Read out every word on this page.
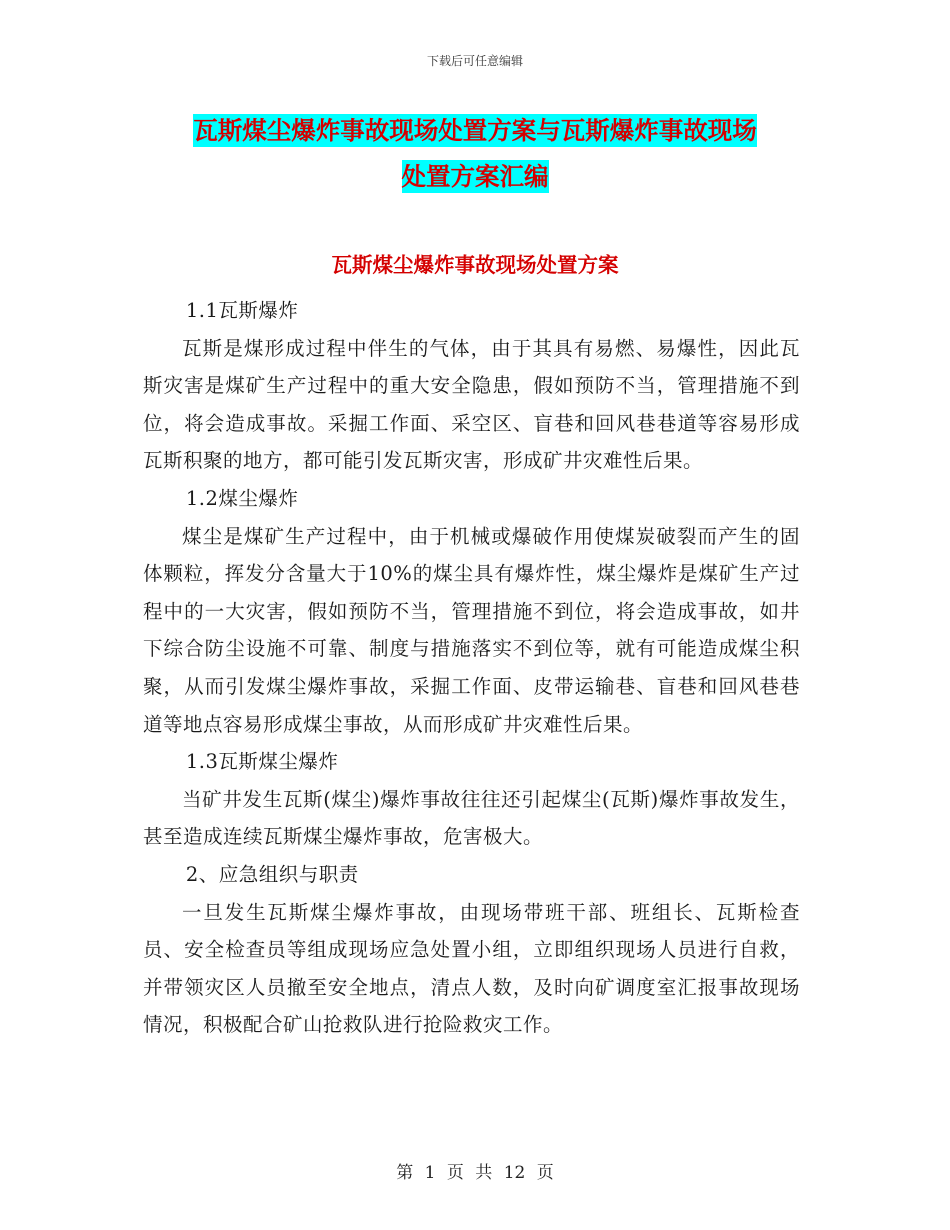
下载后可任意编辑
瓦斯煤尘爆炸事故现场处置方案与瓦斯爆炸事故现场
处置方案汇编
瓦斯煤尘爆炸事故现场处置方案

1.1瓦斯爆炸

瓦斯是煤形成过程中伴生的气体，由于其具有易燃、易爆性，因此瓦斯灾害是煤矿生产过程中的重大安全隐患，假如预防不当，管理措施不到位，将会造成事故。采掘工作面、采空区、盲巷和回风巷巷道等容易形成瓦斯积聚的地方，都可能引发瓦斯灾害，形成矿井灾难性后果。

1.2煤尘爆炸

煤尘是煤矿生产过程中，由于机械或爆破作用使煤炭破裂而产生的固体颗粒，挥发分含量大于10%的煤尘具有爆炸性，煤尘爆炸是煤矿生产过程中的一大灾害，假如预防不当，管理措施不到位，将会造成事故，如井下综合防尘设施不可靠、制度与措施落实不到位等，就有可能造成煤尘积聚，从而引发煤尘爆炸事故，采掘工作面、皮带运输巷、盲巷和回风巷巷道等地点容易形成煤尘事故，从而形成矿井灾难性后果。

1.3瓦斯煤尘爆炸

当矿井发生瓦斯(煤尘)爆炸事故往往还引起煤尘(瓦斯)爆炸事故发生，甚至造成连续瓦斯煤尘爆炸事故，危害极大。

2、应急组织与职责

一旦发生瓦斯煤尘爆炸事故，由现场带班干部、班组长、瓦斯检查员、安全检查员等组成现场应急处置小组，立即组织现场人员进行自救，并带领灾区人员撤至安全地点，清点人数，及时向矿调度室汇报事故现场情况，积极配合矿山抢救队进行抢险救灾工作。

第 1 页 共 12 页
